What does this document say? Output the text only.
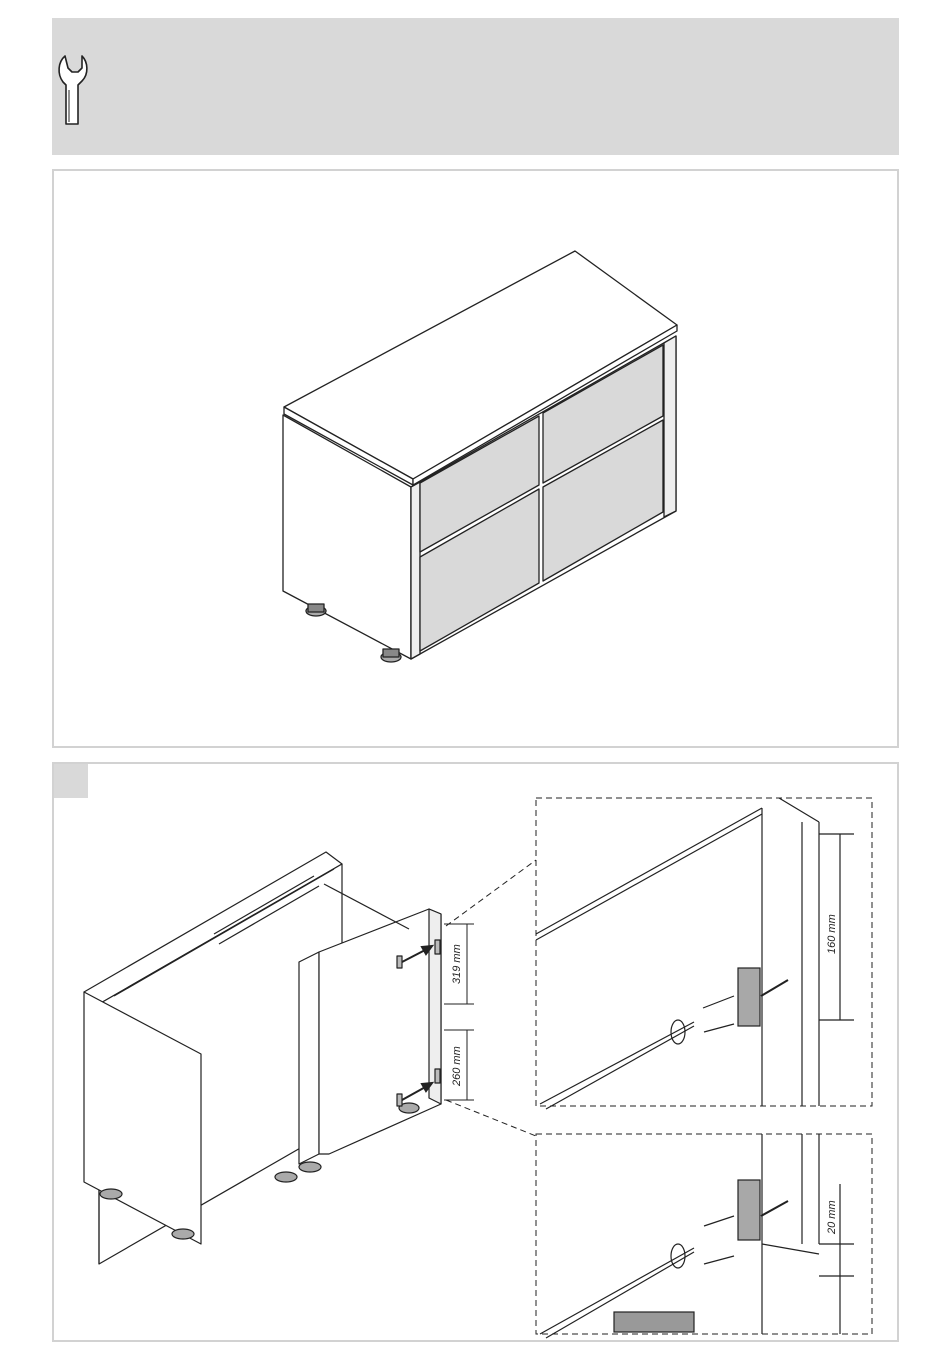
319 mm
260 mm
160 mm
20 mm
